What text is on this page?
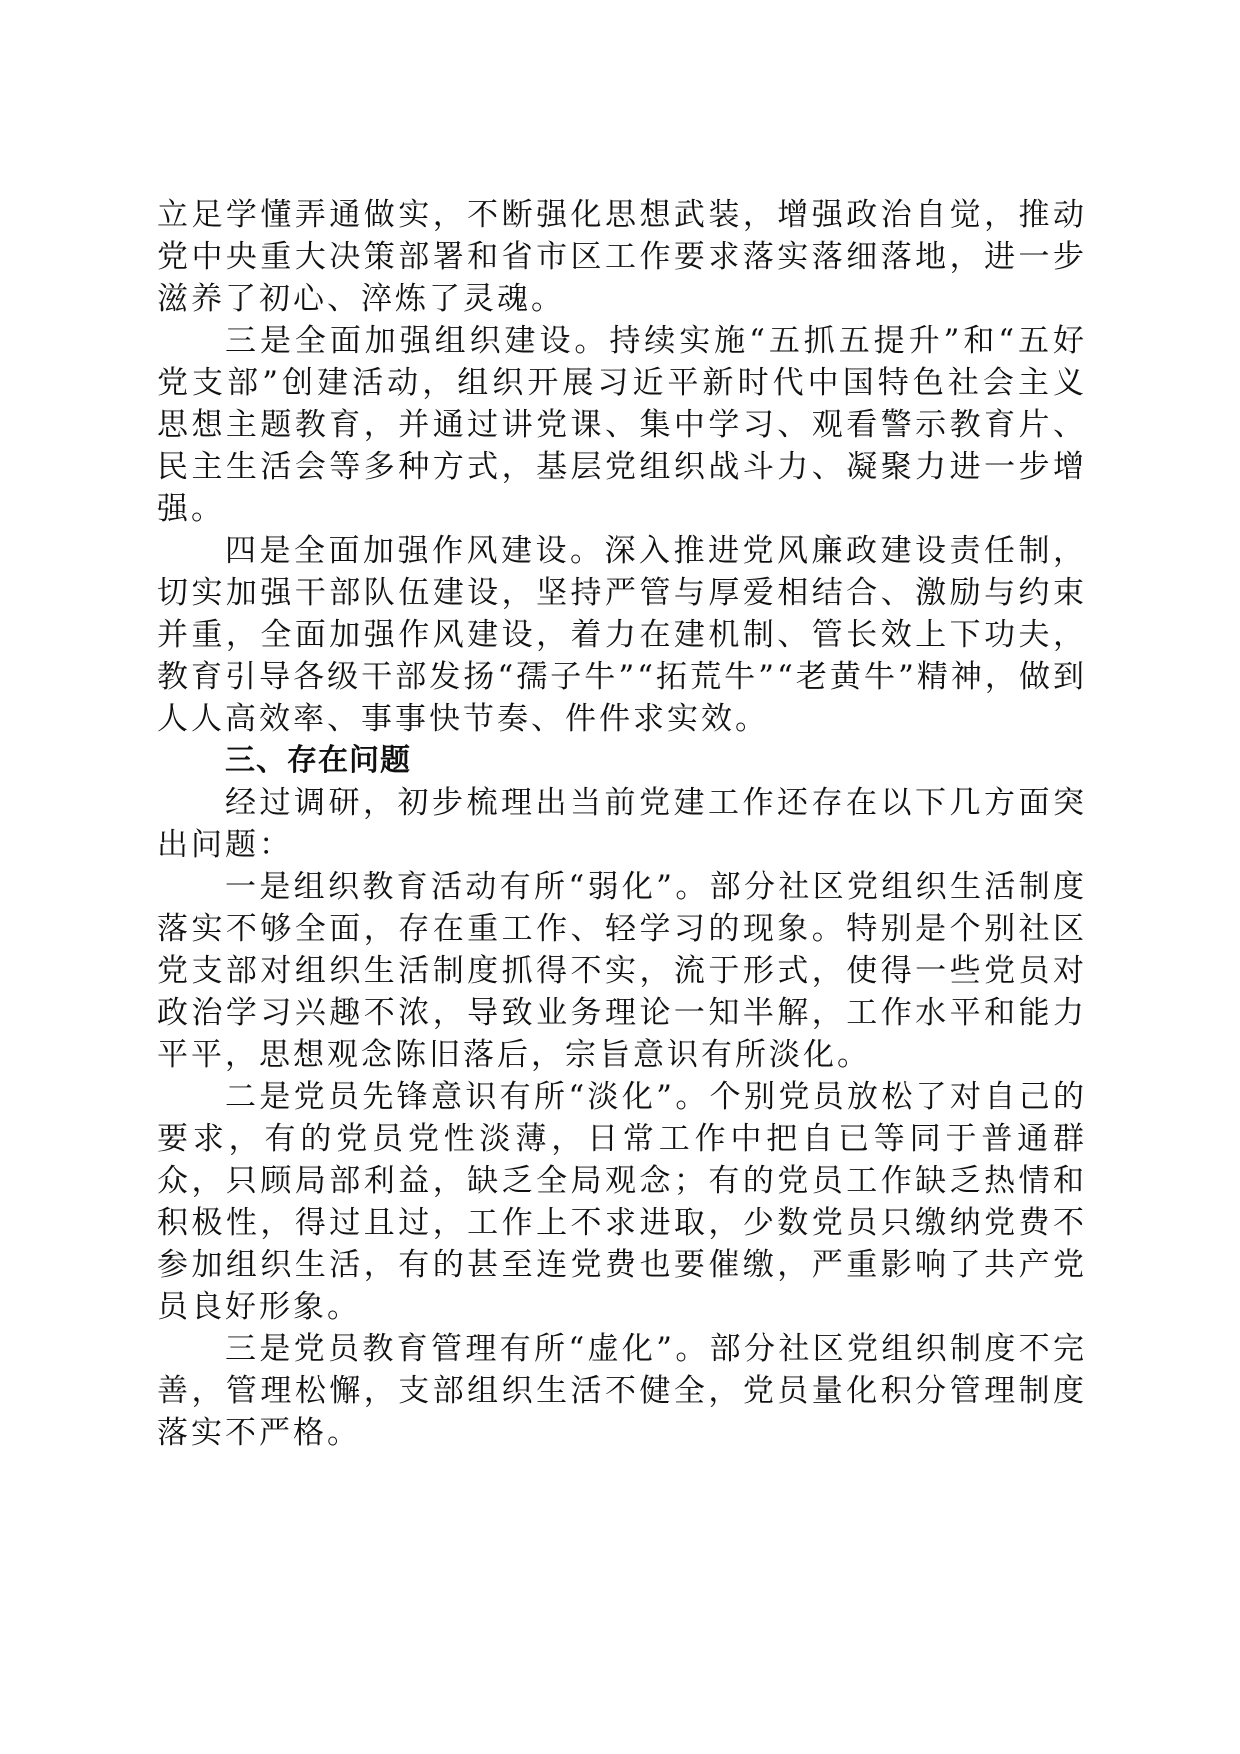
立足学懂弄通做实，不断强化思想武装，增强政治自觉，推动党中央重大决策部署和省市区工作要求落实落细落地，进一步滋养了初心、淬炼了灵魂。

三是全面加强组织建设。持续实施“五抓五提升”和“五好党支部”创建活动，组织开展习近平新时代中国特色社会主义思想主题教育，并通过讲党课、集中学习、观看警示教育片、民主生活会等多种方式，基层党组织战斗力、凝聚力进一步增强。

四是全面加强作风建设。深入推进党风廉政建设责任制，切实加强干部队伍建设，坚持严管与厚爱相结合、激励与约束并重，全面加强作风建设，着力在建机制、管长效上下功夫，教育引导各级干部发扬“孺子牛”“拓荒牛”“老黄牛”精神，做到人人高效率、事事快节奏、件件求实效。

三、存在问题

经过调研，初步梳理出当前党建工作还存在以下几方面突出问题：

一是组织教育活动有所“弱化”。部分社区党组织生活制度落实不够全面，存在重工作、轻学习的现象。特别是个别社区党支部对组织生活制度抓得不实，流于形式，使得一些党员对政治学习兴趣不浓，导致业务理论一知半解，工作水平和能力平平，思想观念陈旧落后，宗旨意识有所淡化。

二是党员先锋意识有所“淡化”。个别党员放松了对自己的要求，有的党员党性淡薄，日常工作中把自已等同于普通群众，只顾局部利益，缺乏全局观念；有的党员工作缺乏热情和积极性，得过且过，工作上不求进取，少数党员只缴纳党费不参加组织生活，有的甚至连党费也要催缴，严重影响了共产党员良好形象。

三是党员教育管理有所“虚化”。部分社区党组织制度不完善，管理松懈，支部组织生活不健全，党员量化积分管理制度落实不严格。
